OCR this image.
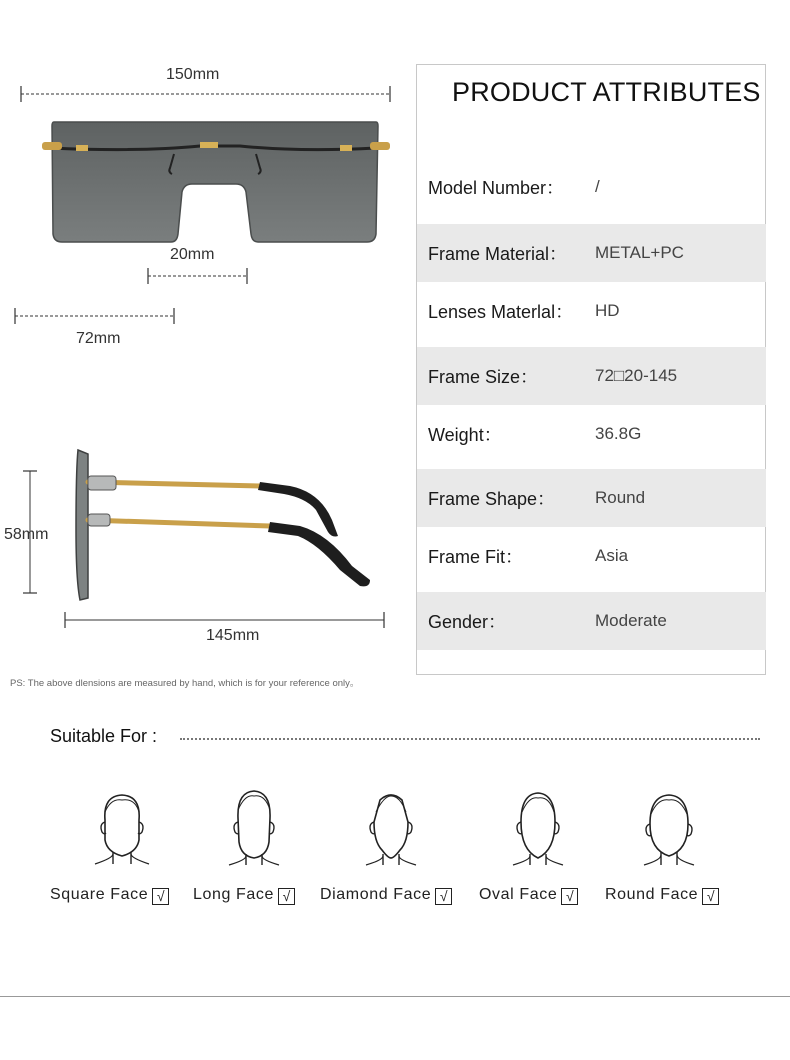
150mm
20mm
72mm
58mm
145mm
PS: The above dlensions are measured by hand, which is for your reference only。
PRODUCT ATTRIBUTES
Model Number： /
Frame Material： METAL+PC
Lenses Materlal： HD
Frame Size：	72□20-145
Weight：	36.8G
Frame Shape： Round
Frame Fit：	Asia
Gender：	Moderate
Suitable For :
Square Face √ Long Face √ Diamond Face √ Oval Face √ Round Face √
